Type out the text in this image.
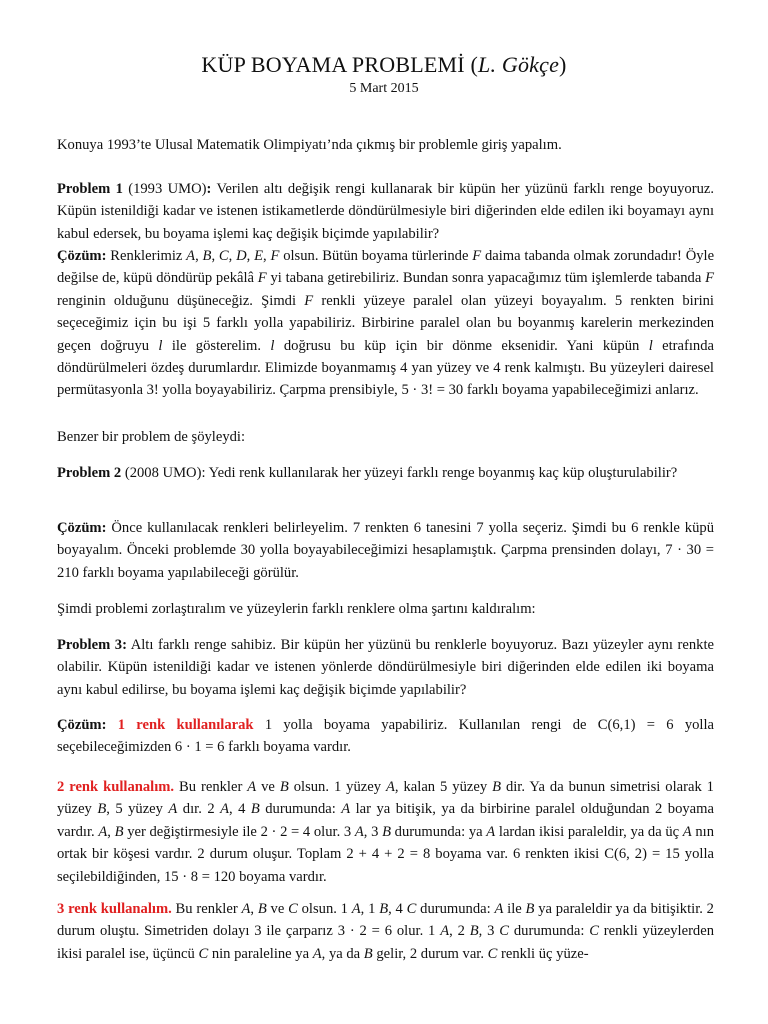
KÜP BOYAMA PROBLEMİ (L. Gökçe)
5 Mart 2015

Konuya 1993’te Ulusal Matematik Olimpiyatı’nda çıkmış bir problemle giriş yapalım.

Problem 1 (1993 UMO): Verilen altı değişik rengi kullanarak bir küpün her yüzünü farklı renge boyuyoruz. Küpün istenildiği kadar ve istenen istikametlerde döndürülmesiyle biri diğerinden elde edilen iki boyamayı aynı kabul edersek, bu boyama işlemi kaç değişik biçimde yapılabilir?

Çözüm: Renklerimiz A, B, C, D, E, F olsun. Bütün boyama türlerinde F daima tabanda olmak zorundadır! Öyle değilse de, küpü döndürüp pekâlâ F yi tabana getirebiliriz. Bundan sonra yapacağımız tüm işlemlerde tabanda F renginin olduğunu düşüneceğiz. Şimdi F renkli yüzeye paralel olan yüzeyi boyayalım. 5 renkten birini seçeceğimiz için bu işi 5 farklı yolla yapabiliriz. Birbirine paralel olan bu boyanmış karelerin merkezinden geçen doğruyu l ile gösterelim. l doğrusu bu küp için bir dönme eksenidir. Yani küpün l etrafında döndürülmeleri özdeş durumlardır. Elimizde boyanmamış 4 yan yüzey ve 4 renk kalmıştı. Bu yüzeyleri dairesel permütasyonla 3! yolla boyayabiliriz. Çarpma prensibiyle, 5 · 3! = 30 farklı boyama yapabileceğimizi anlarız.

Benzer bir problem de şöyleydi:

Problem 2 (2008 UMO): Yedi renk kullanılarak her yüzeyi farklı renge boyanmış kaç küp oluşturulabilir?

Çözüm: Önce kullanılacak renkleri belirleyelim. 7 renkten 6 tanesini 7 yolla seçeriz. Şimdi bu 6 renkle küpü boyayalım. Önceki problemde 30 yolla boyayabileceğimizi hesaplamıştık. Çarpma prensinden dolayı, 7 · 30 = 210 farklı boyama yapılabileceği görülür.

Şimdi problemi zorlaştıralım ve yüzeylerin farklı renklere olma şartını kaldıralım:

Problem 3: Altı farklı renge sahibiz. Bir küpün her yüzünü bu renklerle boyuyoruz. Bazı yüzeyler aynı renkte olabilir. Küpün istenildiği kadar ve istenen yönlerde döndürülmesiyle biri diğerinden elde edilen iki boyama aynı kabul edilirse, bu boyama işlemi kaç değişik biçimde yapılabilir?

Çözüm: 1 renk kullanılarak 1 yolla boyama yapabiliriz. Kullanılan rengi de C(6,1) = 6 yolla seçebileceğimizden 6 · 1 = 6 farklı boyama vardır.

2 renk kullanalım. Bu renkler A ve B olsun. 1 yüzey A, kalan 5 yüzey B dir. Ya da bunun simetrisi olarak 1 yüzey B, 5 yüzey A dır. 2 A, 4 B durumunda: A lar ya bitişik, ya da birbirine paralel olduğundan 2 boyama vardır. A, B yer değiştirmesiyle ile 2 · 2 = 4 olur. 3 A, 3 B durumunda: ya A lardan ikisi paraleldir, ya da üç A nın ortak bir köşesi vardır. 2 durum oluşur. Toplam 2 + 4 + 2 = 8 boyama var. 6 renkten ikisi C(6, 2) = 15 yolla seçilebildiğinden, 15 · 8 = 120 boyama vardır.

3 renk kullanalım. Bu renkler A, B ve C olsun. 1 A, 1 B, 4 C durumunda: A ile B ya paraleldir ya da bitişiktir. 2 durum oluştu. Simetriden dolayı 3 ile çarparız 3 · 2 = 6 olur. 1 A, 2 B, 3 C durumunda: C renkli yüzeylerden ikisi paralel ise, üçüncü C nin paraleline ya A, ya da B gelir, 2 durum var. C renkli üç yüze-
